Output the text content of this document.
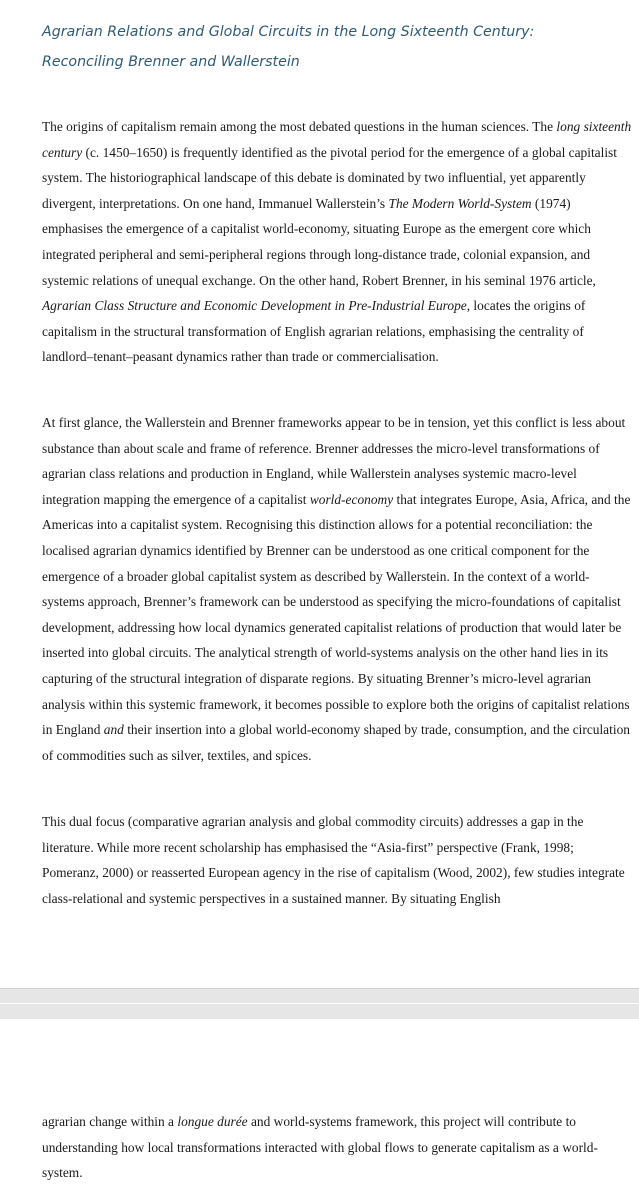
Agrarian Relations and Global Circuits in the Long Sixteenth Century: Reconciling Brenner and Wallerstein

The origins of capitalism remain among the most debated questions in the human sciences. The long sixteenth century (c. 1450–1650) is frequently identified as the pivotal period for the emergence of a global capitalist system. The historiographical landscape of this debate is dominated by two influential, yet apparently divergent, interpretations. On one hand, Immanuel Wallerstein’s The Modern World-System (1974) emphasises the emergence of a capitalist world-economy, situating Europe as the emergent core which integrated peripheral and semi-peripheral regions through long-distance trade, colonial expansion, and systemic relations of unequal exchange. On the other hand, Robert Brenner, in his seminal 1976 article, Agrarian Class Structure and Economic Development in Pre-Industrial Europe, locates the origins of capitalism in the structural transformation of English agrarian relations, emphasising the centrality of landlord–tenant–peasant dynamics rather than trade or commercialisation.

At first glance, the Wallerstein and Brenner frameworks appear to be in tension, yet this conflict is less about substance than about scale and frame of reference. Brenner addresses the micro-level transformations of agrarian class relations and production in England, while Wallerstein analyses systemic macro-level integration mapping the emergence of a capitalist world-economy that integrates Europe, Asia, Africa, and the Americas into a capitalist system. Recognising this distinction allows for a potential reconciliation: the localised agrarian dynamics identified by Brenner can be understood as one critical component for the emergence of a broader global capitalist system as described by Wallerstein. In the context of a world-systems approach, Brenner’s framework can be understood as specifying the micro-foundations of capitalist development, addressing how local dynamics generated capitalist relations of production that would later be inserted into global circuits. The analytical strength of world-systems analysis on the other hand lies in its capturing of the structural integration of disparate regions. By situating Brenner’s micro-level agrarian analysis within this systemic framework, it becomes possible to explore both the origins of capitalist relations in England and their insertion into a global world-economy shaped by trade, consumption, and the circulation of commodities such as silver, textiles, and spices.

This dual focus (comparative agrarian analysis and global commodity circuits) addresses a gap in the literature. While more recent scholarship has emphasised the “Asia-first” perspective (Frank, 1998; Pomeranz, 2000) or reasserted European agency in the rise of capitalism (Wood, 2002), few studies integrate class-relational and systemic perspectives in a sustained manner. By situating English

agrarian change within a longue durée and world-systems framework, this project will contribute to understanding how local transformations interacted with global flows to generate capitalism as a world-system.
